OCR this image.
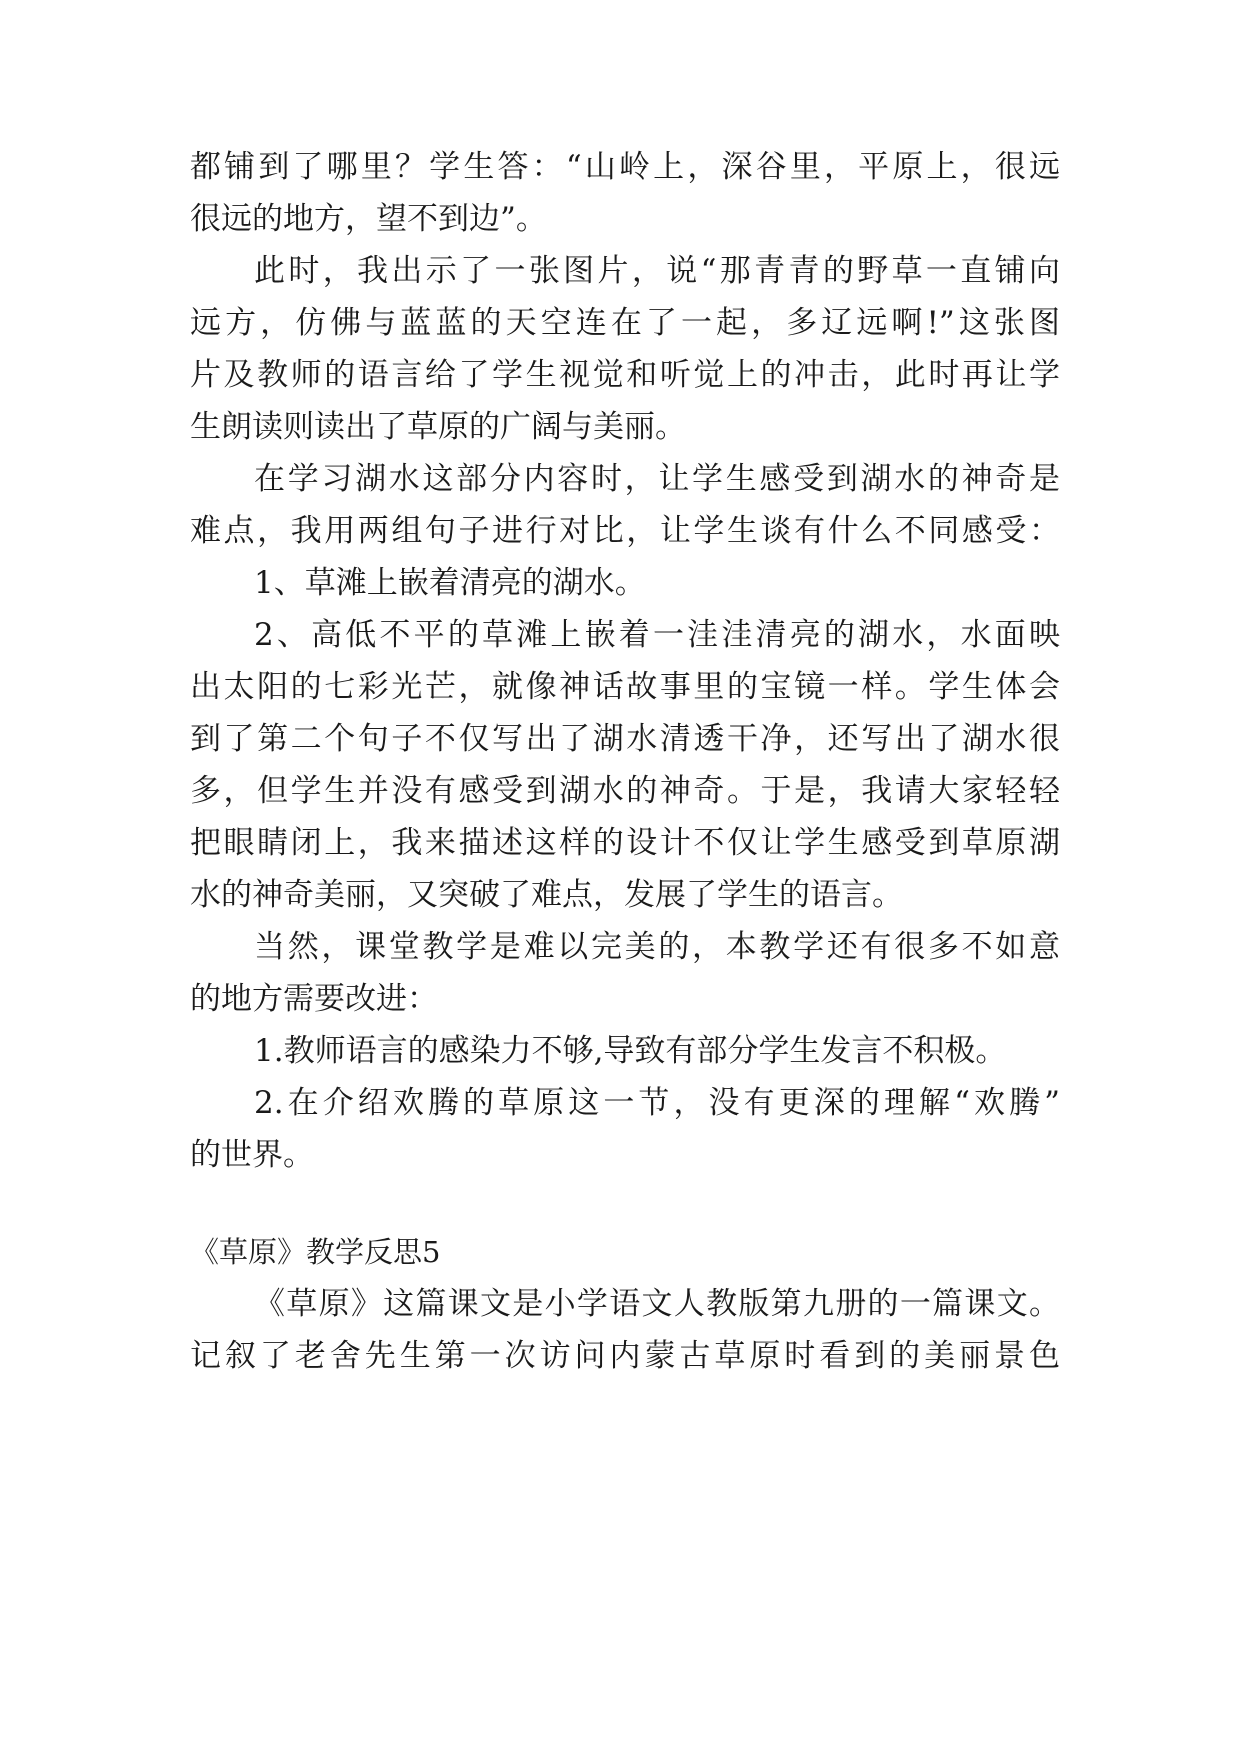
都铺到了哪里？学生答：“山岭上，深谷里，平原上，很远
很远的地方，望不到边”。
此时，我出示了一张图片，说“那青青的野草一直铺向
远方，仿佛与蓝蓝的天空连在了一起，多辽远啊!”这张图
片及教师的语言给了学生视觉和听觉上的冲击，此时再让学
生朗读则读出了草原的广阔与美丽。
在学习湖水这部分内容时，让学生感受到湖水的神奇是
难点，我用两组句子进行对比，让学生谈有什么不同感受：
1、草滩上嵌着清亮的湖水。
2、高低不平的草滩上嵌着一洼洼清亮的湖水，水面映
出太阳的七彩光芒，就像神话故事里的宝镜一样。学生体会
到了第二个句子不仅写出了湖水清透干净，还写出了湖水很
多，但学生并没有感受到湖水的神奇。于是，我请大家轻轻
把眼睛闭上，我来描述这样的设计不仅让学生感受到草原湖
水的神奇美丽，又突破了难点，发展了学生的语言。
当然，课堂教学是难以完美的，本教学还有很多不如意
的地方需要改进：
1.教师语言的感染力不够,导致有部分学生发言不积极。
2.在介绍欢腾的草原这一节，没有更深的理解“欢腾”
的世界。
《草原》教学反思5
《草原》这篇课文是小学语文人教版第九册的一篇课文。
记叙了老舍先生第一次访问内蒙古草原时看到的美丽景色
